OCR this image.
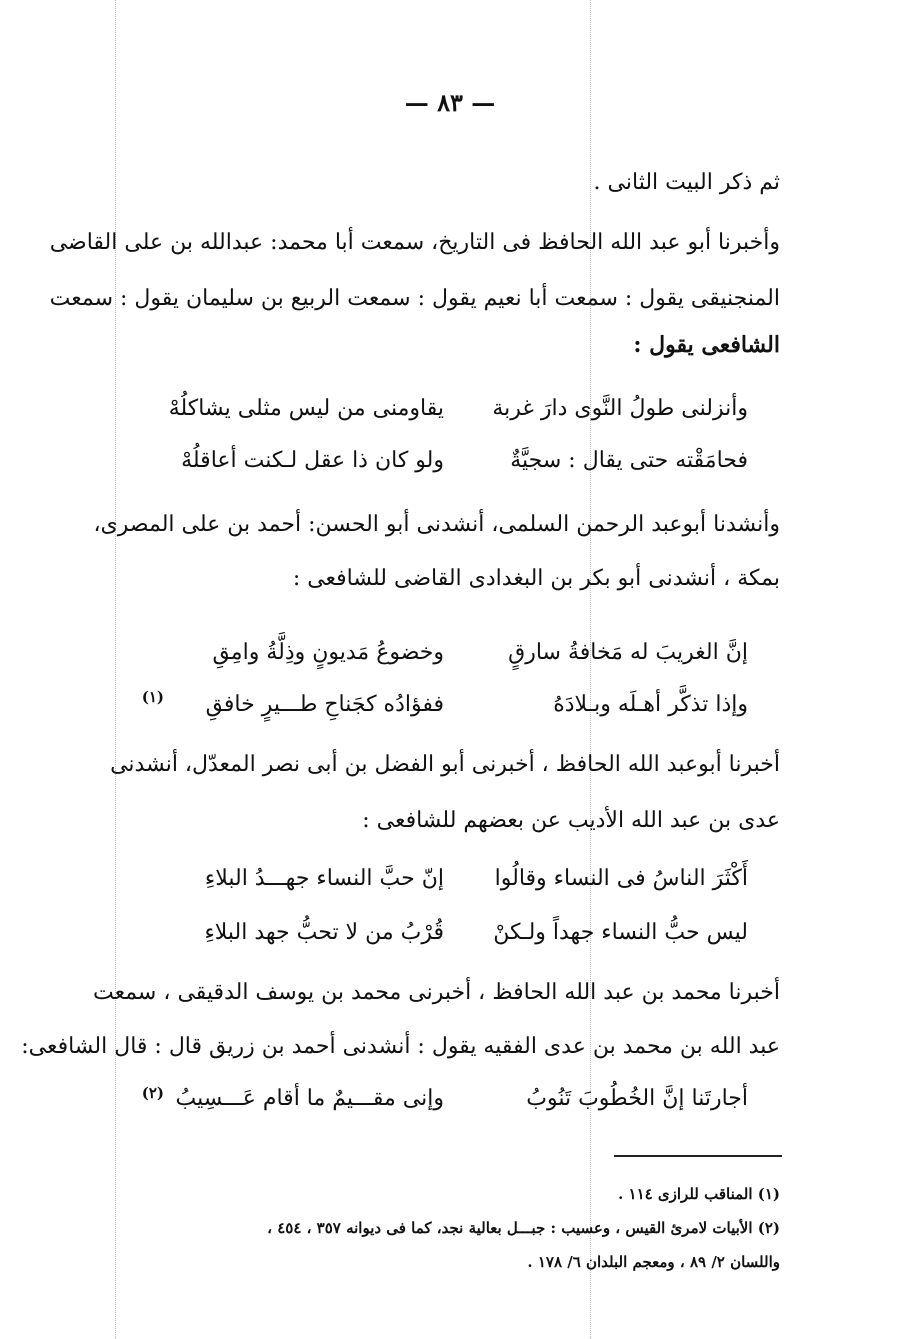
— ٨٣ —
ثم ذكر البيت الثانى .
وأخبرنا أبو عبد الله الحافظ فى التاريخ، سمعت أبا محمد: عبدالله بن على القاضى
المنجنيقى يقول : سمعت أبا نعيم يقول : سمعت الربيع بن سليمان يقول : سمعت
الشافعى يقول :
وأنزلنى طولُ النَّوى دارَ غربة
يقاومنى من ليس مثلى يشاكلُهْ
فحامَقْته حتى يقال : سجيَّةٌ
ولو كان ذا عقل لـكنت أعاقلُهْ
وأنشدنا أبوعبد الرحمن السلمى، أنشدنى أبو الحسن: أحمد بن على المصرى،
بمكة ، أنشدنى أبو بكر بن البغدادى القاضى للشافعى :
إنَّ الغريبَ له مَخافةُ سارقٍ
وخضوعُ مَديونٍ وذِلَّةُ وامِقِ
وإذا تذكَّر أهـلَه وبـلادَهُ
ففؤادُه كجَناحِ طـــيرٍ خافقِ
(١)
أخبرنا أبوعبد الله الحافظ ، أخبرنى أبو الفضل بن أبى نصر المعدّل، أنشدنى
عدى بن عبد الله الأديب عن بعضهم للشافعى :
أَكْثَرَ الناسُ فى النساء وقالُوا
إنّ حبَّ النساء جهـــدُ البلاءِ
ليس حبُّ النساء جهداً ولـكنْ
قُرْبُ من لا تحبُّ جهد البلاءِ
أخبرنا محمد بن عبد الله الحافظ ، أخبرنى محمد بن يوسف الدقيقى ، سمعت
عبد الله بن محمد بن عدى الفقيه يقول : أنشدنى أحمد بن زريق قال : قال الشافعى:
أجارتَنا إنَّ الخُطُوبَ تَنُوبُ
وإنى مقـــيمٌ ما أقام عَـــسِيبُ
(٢)
(١) المناقب للرازى ١١٤ .
(٢) الأبيات لامرئ القيس ، وعسيب : جبـــل بعالية نجد، كما فى ديوانه ٣٥٧ ، ٤٥٤ ،
واللسان ٢/ ٨٩ ، ومعجم البلدان ٦/ ١٧٨ .
